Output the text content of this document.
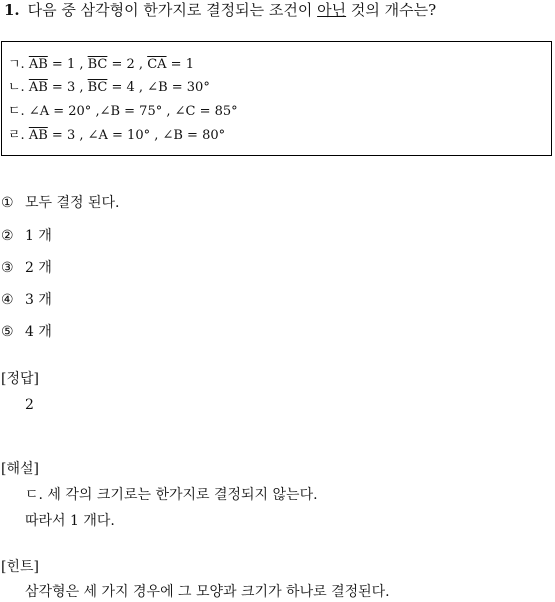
1. 다음 중 삼각형이 한가지로 결정되는 조건이 아닌 것의 개수는?
ㄱ. $\overline{AB} = 1$ , $\overline{BC} = 2$ , $\overline{CA} = 1$
ㄴ. $\overline{AB} = 3$ , $\overline{BC} = 4$ , ∠B = 30°
ㄷ. ∠A = 20° ,∠B = 75° , ∠C = 85°
ㄹ. $\overline{AB} = 3$ , ∠A = 10° , ∠B = 80°
① 모두 결정 된다.
② 1 개
③ 2 개
④ 3 개
⑤ 4 개
[정답]
2
[해설]
ㄷ. 세 각의 크기로는 한가지로 결정되지 않는다.
따라서 1 개다.
[힌트]
삼각형은 세 가지 경우에 그 모양과 크기가 하나로 결정된다.
